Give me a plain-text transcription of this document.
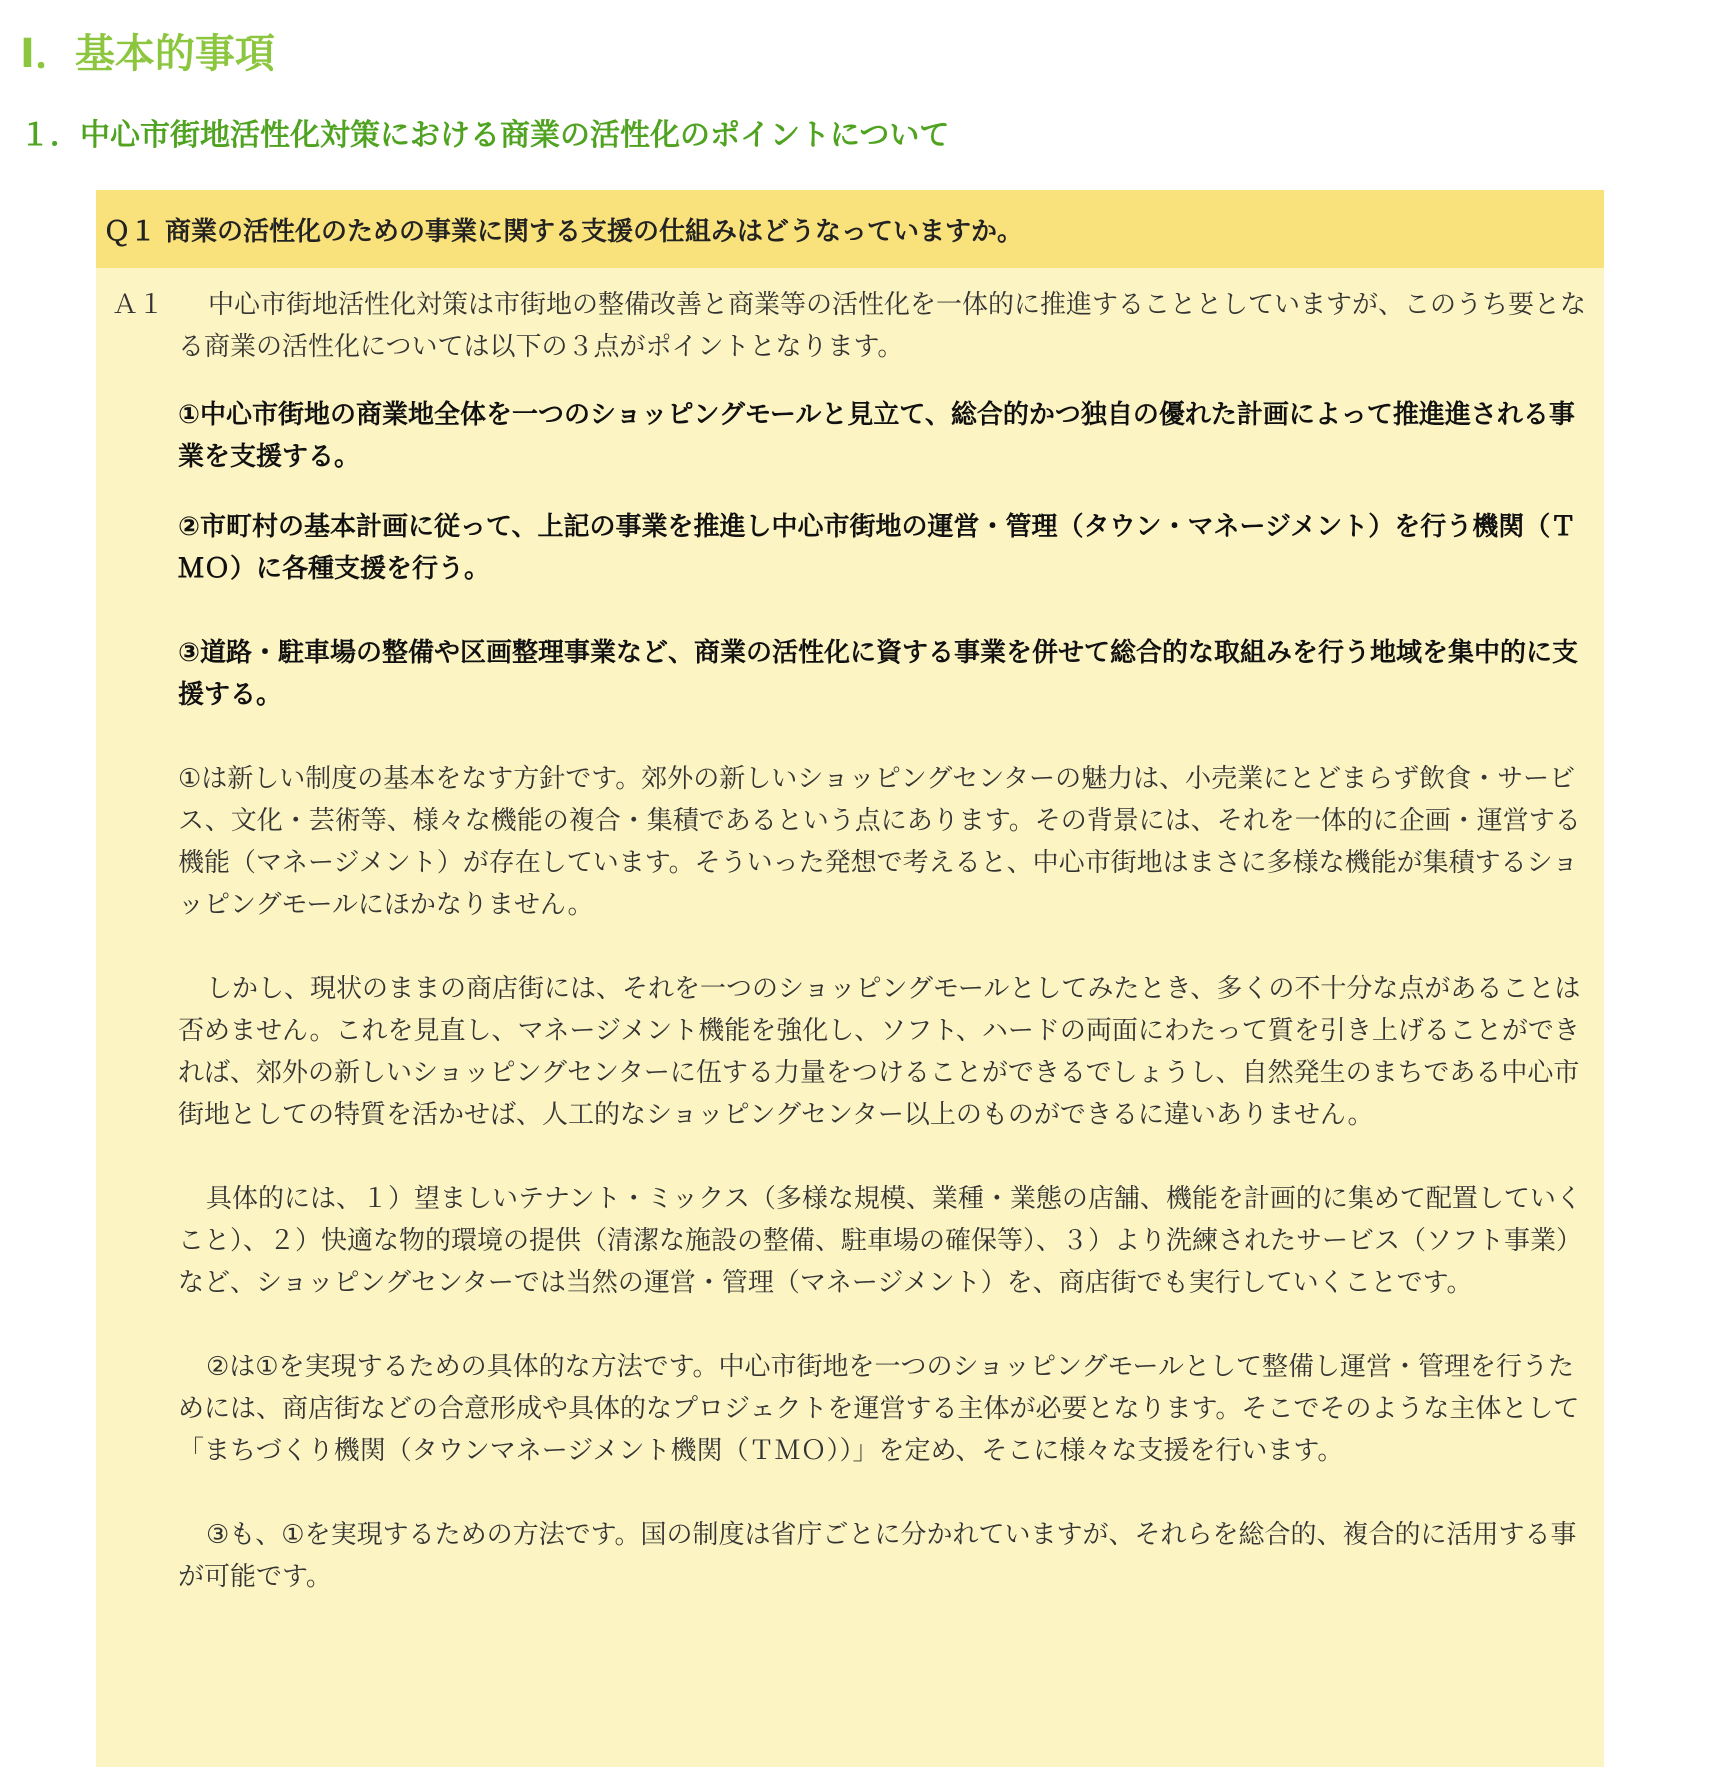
Ⅰ．基本的事項
１．中心市街地活性化対策における商業の活性化のポイントについて
Ｑ１ 商業の活性化のための事業に関する支援の仕組みはどうなっていますか。
Ａ１	中心市街地活性化対策は市街地の整備改善と商業等の活性化を一体的に推進することとしていますが、このうち要となる商業の活性化については以下の３点がポイントとなります。

①中心市街地の商業地全体を一つのショッピングモールと見立て、総合的かつ独自の優れた計画によって推進進される事業を支援する。

②市町村の基本計画に従って、上記の事業を推進し中心市街地の運営・管理（タウン・マネージメント）を行う機関（ＴＭＯ）に各種支援を行う。

③道路・駐車場の整備や区画整理事業など、商業の活性化に資する事業を併せて総合的な取組みを行う地域を集中的に支援する。

①は新しい制度の基本をなす方針です。郊外の新しいショッピングセンターの魅力は、小売業にとどまらず飲食・サービス、文化・芸術等、様々な機能の複合・集積であるという点にあります。その背景には、それを一体的に企画・運営する機能（マネージメント）が存在しています。そういった発想で考えると、中心市街地はまさに多様な機能が集積するショッピングモールにほかなりません。

しかし、現状のままの商店街には、それを一つのショッピングモールとしてみたとき、多くの不十分な点があることは否めません。これを見直し、マネージメント機能を強化し、ソフト、ハードの両面にわたって質を引き上げることができれば、郊外の新しいショッピングセンターに伍する力量をつけることができるでしょうし、自然発生のまちである中心市街地としての特質を活かせば、人工的なショッピングセンター以上のものができるに違いありません。

具体的には、１）望ましいテナント・ミックス（多様な規模、業種・業態の店舗、機能を計画的に集めて配置していくこと）、２）快適な物的環境の提供（清潔な施設の整備、駐車場の確保等）、３）より洗練されたサービス（ソフト事業）など、ショッピングセンターでは当然の運営・管理（マネージメント）を、商店街でも実行していくことです。

②は①を実現するための具体的な方法です。中心市街地を一つのショッピングモールとして整備し運営・管理を行うためには、商店街などの合意形成や具体的なプロジェクトを運営する主体が必要となります。そこでそのような主体として「まちづくり機関（タウンマネージメント機関（ＴＭＯ））」を定め、そこに様々な支援を行います。

③も、①を実現するための方法です。国の制度は省庁ごとに分かれていますが、それらを総合的、複合的に活用する事が可能です。
